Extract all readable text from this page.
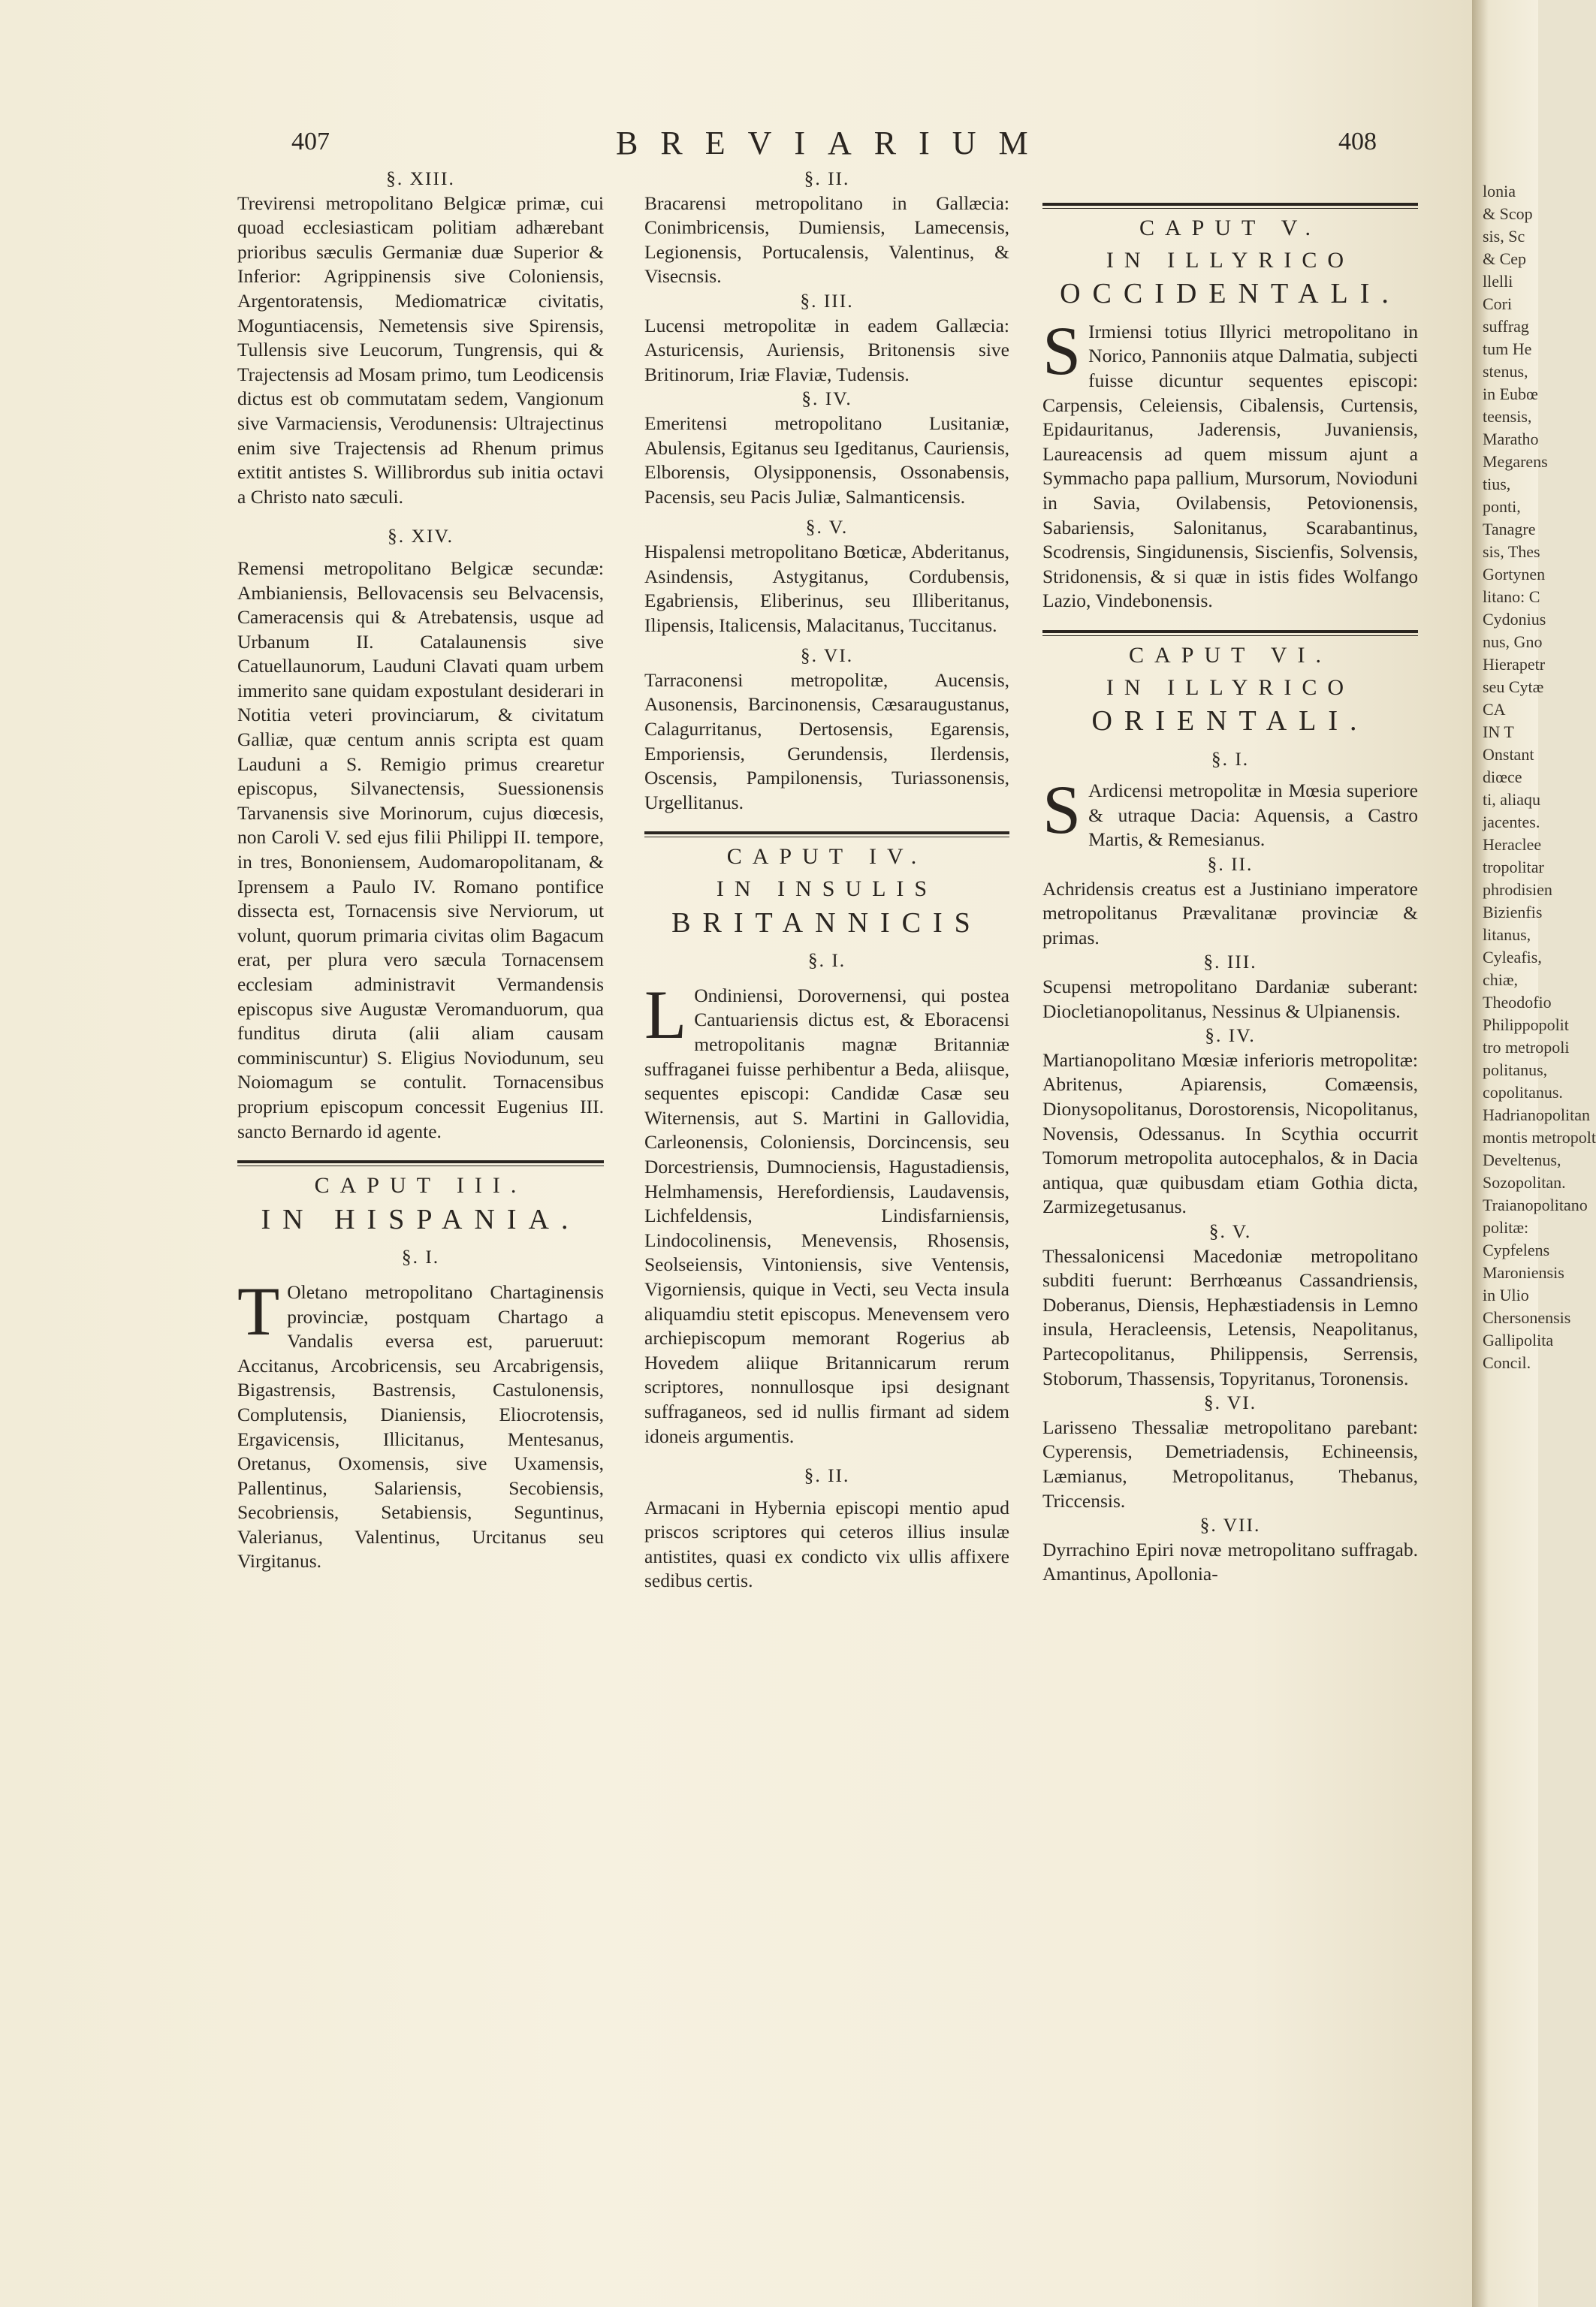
407	BREVIARIUM	408
§. XIII.

Trevirensi metropolitano Belgicæ primæ, cui quoad ecclesiasticam politiam adhærebant prioribus sæculis Germaniæ duæ Superior & Inferior: Agrippinensis sive Coloniensis, Argentoratensis, Mediomatricæ civitatis, Moguntiacensis, Nemetensis sive Spirensis, Tullensis sive Leucorum, Tungrensis, qui & Trajectensis ad Mosam primo, tum Leodicensis dictus est ob commutatam sedem, Vangionum sive Varmaciensis, Verodunensis: Ultrajectinus enim sive Trajectensis ad Rhenum primus extitit antistes S. Willibrordus sub initia octavi a Christo nato sæculi.

§. XIV.

Remensi metropolitano Belgicæ secundæ: Ambianiensis, Bellovacensis seu Belvacensis, Cameracensis qui & Atrebatensis, usque ad Urbanum II. Catalaunensis sive Catuellaunorum, Lauduni Clavati quam urbem immerito sane quidam expostulant desiderari in Notitia veteri provinciarum, & civitatum Galliæ, quæ centum annis scripta est quam Lauduni a S. Remigio primus crearetur episcopus, Silvanectensis, Suessionensis Tarvanensis sive Morinorum, cujus diœcesis, non Caroli V. sed ejus filii Philippi II. tempore, in tres, Bononiensem, Audomaropolitanam, & Iprensem a Paulo IV. Romano pontifice dissecta est, Tornacensis sive Nerviorum, ut volunt, quorum primaria civitas olim Bagacum erat, per plura vero sæcula Tornacensem ecclesiam administravit Vermandensis episcopus sive Augustæ Veromanduorum, qua funditus diruta (alii aliam causam comminiscuntur) S. Eligius Noviodunum, seu Noiomagum se contulit. Tornacensibus proprium episcopum concessit Eugenius III. sancto Bernardo id agente.

CAPUT III.
IN HISPANIA.
§. I.

T Oletano metropolitano Chartaginensis provinciæ, postquam Chartago a Vandalis eversa est, parueruut: Accitanus, Arcobricensis, seu Arcabrigensis, Bigastrensis, Bastrensis, Castulonensis, Complutensis, Dianiensis, Eliocrotensis, Ergavicensis, Illicitanus, Mentesanus, Oretanus, Oxomensis, sive Uxamensis, Pallentinus, Salariensis, Secobiensis, Secobriensis, Setabiensis, Seguntinus, Valerianus, Valentinus, Urcitanus seu Virgitanus.

§. II.

Bracarensi metropolitano in Gallæcia: Conimbricensis, Dumiensis, Lamecensis, Legionensis, Portucalensis, Valentinus, & Visecnsis.

§. III.

Lucensi metropolitæ in eadem Gallæcia: Asturicensis, Auriensis, Britonensis sive Britinorum, Iriæ Flaviæ, Tudensis.

§. IV.

Emeritensi metropolitano Lusitaniæ, Abulensis, Egitanus seu Igeditanus, Cauriensis, Elborensis, Olysipponensis, Ossonabensis, Pacensis, seu Pacis Juliæ, Salmanticensis.

§. V.

Hispalensi metropolitano Bœticæ, Abderitanus, Asindensis, Astygitanus, Cordubensis, Egabriensis, Eliberinus, seu Illiberitanus, Ilipensis, Italicensis, Malacitanus, Tuccitanus.

§. VI.

Tarraconensi metropolitæ, Aucensis, Ausonensis, Barcinonensis, Cæsaraugustanus, Calagurritanus, Dertosensis, Egarensis, Emporiensis, Gerundensis, Ilerdensis, Oscensis, Pampilonensis, Turiassonensis, Urgellitanus.

CAPUT IV.
IN INSULIS
BRITANNICIS
§. I.

L Ondiniensi, Dorovernensi, qui postea Cantuariensis dictus est, & Eboracensi metropolitanis magnæ Britanniæ suffraganei fuisse perhibentur a Beda, aliisque, sequentes episcopi: Candidæ Casæ seu Witernensis, aut S. Martini in Gallovidia, Carleonensis, Coloniensis, Dorcincensis, seu Dorcestriensis, Dumnociensis, Hagustadiensis, Helmhamensis, Herefordiensis, Laudavensis, Lichfeldensis, Lindisfarniensis, Lindocolinensis, Menevensis, Rhosensis, Seolseiensis, Vintoniensis, sive Ventensis, Vigorniensis, quique in Vecti, seu Vecta insula aliquamdiu stetit episcopus. Menevensem vero archiepiscopum memorant Rogerius ab Hovedem aliique Britannicarum rerum scriptores, nonnullosque ipsi designant suffraganeos, sed id nullis firmant ad sidem idoneis argumentis.

§. II.

Armacani in Hybernia episcopi mentio apud priscos scriptores qui ceteros illius insulæ antistites, quasi ex condicto vix ullis affixere sedibus certis.

CAPUT V.
IN ILLYRICO
OCCIDENTALI.

S Irmiensi totius Illyrici metropolitano in Norico, Pannoniis atque Dalmatia, subjecti fuisse dicuntur sequentes episcopi: Carpensis, Celeiensis, Cibalensis, Curtensis, Epidauritanus, Jaderensis, Juvaniensis, Laureacensis ad quem missum ajunt a Symmacho papa pallium, Mursorum, Novioduni in Savia, Ovilabensis, Petovionensis, Sabariensis, Salonitanus, Scarabantinus, Scodrensis, Singidunensis, Siscienfis, Solvensis, Stridonensis, & si quæ in istis fides Wolfango Lazio, Vindebonensis.

CAPUT VI.
IN ILLYRICO
ORIENTALI.
§. I.

S Ardicensi metropolitæ in Mœsia superiore & utraque Dacia: Aquensis, a Castro Martis, & Remesianus.

§. II.

Achridensis creatus est a Justiniano imperatore metropolitanus Prævalitanæ provinciæ & primas.

§. III.

Scupensi metropolitano Dardaniæ suberant: Diocletianopolitanus, Nessinus & Ulpianensis.

§. IV.

Martianopolitano Mœsiæ inferioris metropolitæ: Abritenus, Apiarensis, Comæensis, Dionysopolitanus, Dorostorensis, Nicopolitanus, Novensis, Odessanus. In Scythia occurrit Tomorum metropolita autocephalos, & in Dacia antiqua, quæ quibusdam etiam Gothia dicta, Zarmizegetusanus.

§. V.

Thessalonicensi Macedoniæ metropolitano subditi fuerunt: Berrhœanus Cassandriensis, Doberanus, Diensis, Hephæstiadensis in Lemno insula, Heracleensis, Letensis, Neapolitanus, Partecopolitanus, Philippensis, Serrensis, Stoborum, Thassensis, Topyritanus, Toronensis.

§. VI.

Larisseno Thessaliæ metropolitano parebant: Cyperensis, Demetriadensis, Echineensis, Læmianus, Metropolitanus, Thebanus, Triccensis.

§. VII.

Dyrrachino Epiri novæ metropolitano suffragab. Amantinus, Apollonia-

lonia
& Scop
sis, Sc
& Cep
llelli
Cori
suffrag
tum He
stenus,
in Eubœ
teensis,
Maratho
Megarens
tius,
ponti,
Tanagre
sis, Thes
Gortynen
litano: C
Cydonius
nus, Gno
Hierapetr
seu Cytæ
CA
IN T
Onstant
diœce
ti, aliaqu
jacentes.
Heraclee
tropolitar
phrodisien
Bizienfis
litanus,
Cyleafis,
chiæ,
Theodofio
Philippopolit
tro metropoli
politanus,
copolitanus.
Hadrianopolitan
montis metropolt
Develtenus,
Sozopolitan.
Traianopolitano
politæ:
Cypfelens
Maroniensis
in Ulio
Chersonensis
Gallipolita
Concil.
